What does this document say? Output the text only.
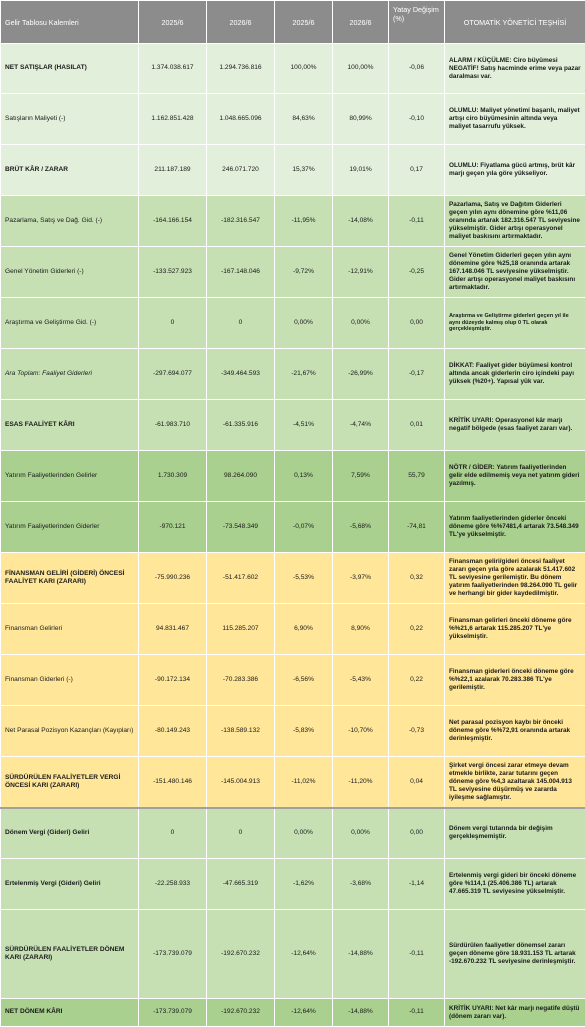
Gelir Tablosu Kalemleri	2025/6	2026/6	2025/6	2026/6	Yatay Değişim (%)	OTOMATİK YÖNETİCİ TEŞHİSİ
NET SATIŞLAR (HASILAT)	1.374.038.617	1.294.736.816	100,00%	100,00%	-0,06	ALARM / KÜÇÜLME: Ciro büyümesi NEGATİF! Satış hacminde erime veya pazar daralması var.
Satışların Maliyeti (-)	1.162.851.428	1.048.665.096	84,63%	80,99%	-0,10	OLUMLU: Maliyet yönetimi başarılı, maliyet artışı ciro büyümesinin altında veya maliyet tasarrufu yüksek.
BRÜT KÂR / ZARAR	211.187.189	246.071.720	15,37%	19,01%	0,17	OLUMLU: Fiyatlama gücü artmış, brüt kâr marjı geçen yıla göre yükseliyor.
Pazarlama, Satış ve Dağ. Gid. (-)	-164.166.154	-182.316.547	-11,95%	-14,08%	-0,11	Pazarlama, Satış ve Dağıtım Giderleri geçen yılın aynı dönemine göre %11,06 oranında artarak 182.316.547 TL seviyesine yükselmiştir. Gider artışı operasyonel maliyet baskısını artırmaktadır.
Genel Yönetim Giderleri (-)	-133.527.923	-167.148.046	-9,72%	-12,91%	-0,25	Genel Yönetim Giderleri geçen yılın aynı dönemine göre %25,18 oranında artarak 167.148.046 TL seviyesine yükselmiştir. Gider artışı operasyonel maliyet baskısını artırmaktadır.
Araştırma ve Geliştirme Gid. (-)	0	0	0,00%	0,00%	0,00	Araştırma ve Geliştirme giderleri geçen yıl ile aynı düzeyde kalmış olup 0 TL olarak gerçekleşmiştir.
Ara Toplam: Faaliyet Giderleri	-297.694.077	-349.464.593	-21,67%	-26,99%	-0,17	DİKKAT: Faaliyet gider büyümesi kontrol altında ancak giderlerin ciro içindeki payı yüksek (%20+). Yapısal yük var.
ESAS FAALİYET KÂRI	-61.983.710	-61.335.916	-4,51%	-4,74%	0,01	KRİTİK UYARI: Operasyonel kâr marjı negatif bölgede (esas faaliyet zararı var).
Yatırım Faaliyetlerinden Gelirler	1.730.309	98.264.090	0,13%	7,59%	55,79	NÖTR / GİDER: Yatırım faaliyetlerinden gelir elde edilmemiş veya net yatırım gideri yazılmış.
Yatırım Faaliyetlerinden Giderler	-970.121	-73.548.349	-0,07%	-5,68%	-74,81	Yatırım faaliyetlerinden giderler önceki döneme göre %%7481,4 artarak 73.548.349 TL'ye yükselmiştir.
FİNANSMAN GELİRİ (GİDERİ) ÖNCESİ FAALİYET KARI (ZARARI)	-75.990.236	-51.417.602	-5,53%	-3,97%	0,32	Finansman geliri/gideri öncesi faaliyet zararı geçen yıla göre azalarak 51.417.602 TL seviyesine gerilemiştir. Bu dönem yatırım faaliyetlerinden 98.264.090 TL gelir ve herhangi bir gider kaydedilmiştir.
Finansman Gelirleri	94.831.467	115.285.207	6,90%	8,90%	0,22	Finansman gelirleri önceki döneme göre %%21,6 artarak 115.285.207 TL'ye yükselmiştir.
Finansman Giderleri (-)	-90.172.134	-70.283.386	-6,56%	-5,43%	0,22	Finansman giderleri önceki döneme göre %%22,1 azalarak 70.283.386 TL'ye gerilemiştir.
Net Parasal Pozisyon Kazançları (Kayıpları)	-80.149.243	-138.589.132	-5,83%	-10,70%	-0,73	Net parasal pozisyon kaybı bir önceki döneme göre %%72,91 oranında artarak derinleşmiştir.
SÜRDÜRÜLEN FAALİYETLER VERGİ ÖNCESİ KARI (ZARARI)	-151.480.146	-145.004.913	-11,02%	-11,20%	0,04	Şirket vergi öncesi zarar etmeye devam etmekle birlikte, zarar tutarını geçen döneme göre %4,3 azaltarak 145.004.913 TL seviyesine düşürmüş ve zararda iyileşme sağlamıştır.
Dönem Vergi (Gideri) Geliri	0	0	0,00%	0,00%	0,00	Dönem vergi tutarında bir değişim gerçekleşmemiştir.
Ertelenmiş Vergi (Gideri) Geliri	-22.258.933	-47.665.319	-1,62%	-3,68%	-1,14	Ertelenmiş vergi gideri bir önceki döneme göre %114,1 (25.406.386 TL) artarak 47.665.319 TL seviyesine yükselmiştir.
SÜRDÜRÜLEN FAALİYETLER DÖNEM KARI (ZARARI)	-173.739.079	-192.670.232	-12,64%	-14,88%	-0,11	Sürdürülen faaliyetler dönemsel zararı geçen döneme göre 18.931.153 TL artarak -192.670.232 TL seviyesine derinleşmiştir.
NET DÖNEM KÂRI	-173.739.079	-192.670.232	-12,64%	-14,88%	-0,11	KRİTİK UYARI: Net kâr marjı negatife düştü (dönem zararı var).
